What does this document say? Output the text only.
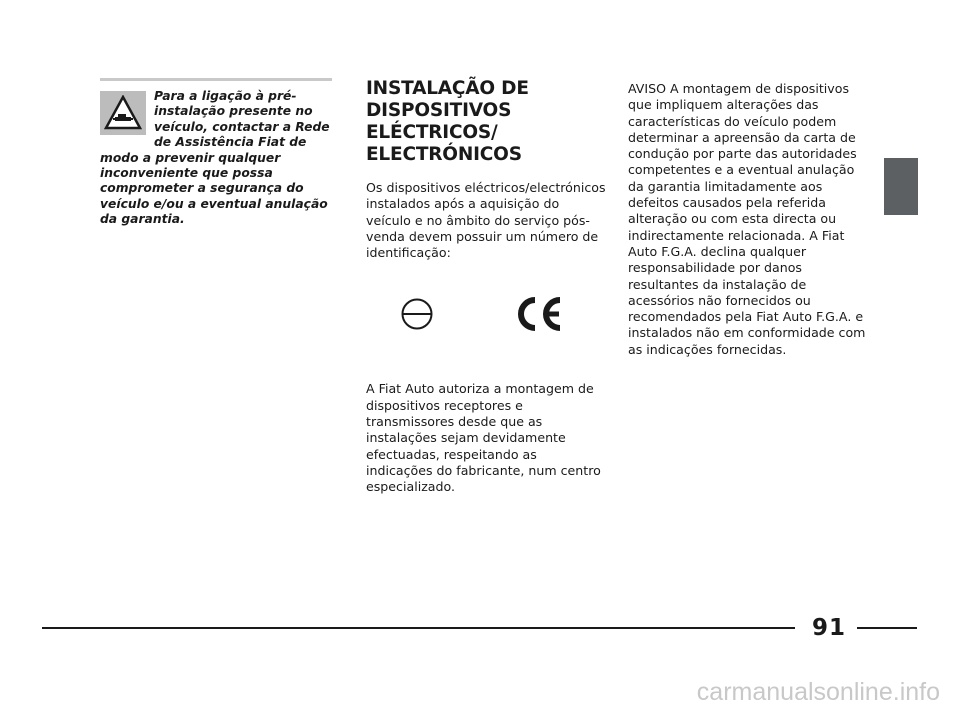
Para a ligação à pré-instalação presente no veículo, contactar a Rede de Assistência Fiat de modo a prevenir qualquer inconveniente que possa comprometer a segurança do veículo e/ou a eventual anulação da garantia.

INSTALAÇÃO DE
DISPOSITIVOS
ELÉCTRICOS/
ELECTRÓNICOS

Os dispositivos eléctricos/electrónicos instalados após a aquisição do veículo e no âmbito do serviço pós-venda devem possuir um número de identificação:

A Fiat Auto autoriza a montagem de dispositivos receptores e transmissores desde que as instalações sejam devidamente efectuadas, respeitando as indicações do fabricante, num centro especializado.

AVISO A montagem de dispositivos que impliquem alterações das características do veículo podem determinar a apreensão da carta de condução por parte das autoridades competentes e a eventual anulação da garantia limitadamente aos defeitos causados pela referida alteração ou com esta directa ou indirectamente relacionada. A Fiat Auto F.G.A. declina qualquer responsabilidade por danos resultantes da instalação de acessórios não fornecidos ou recomendados pela Fiat Auto F.G.A. e instalados não em conformidade com as indicações fornecidas.

91
carmanualsonline.info
